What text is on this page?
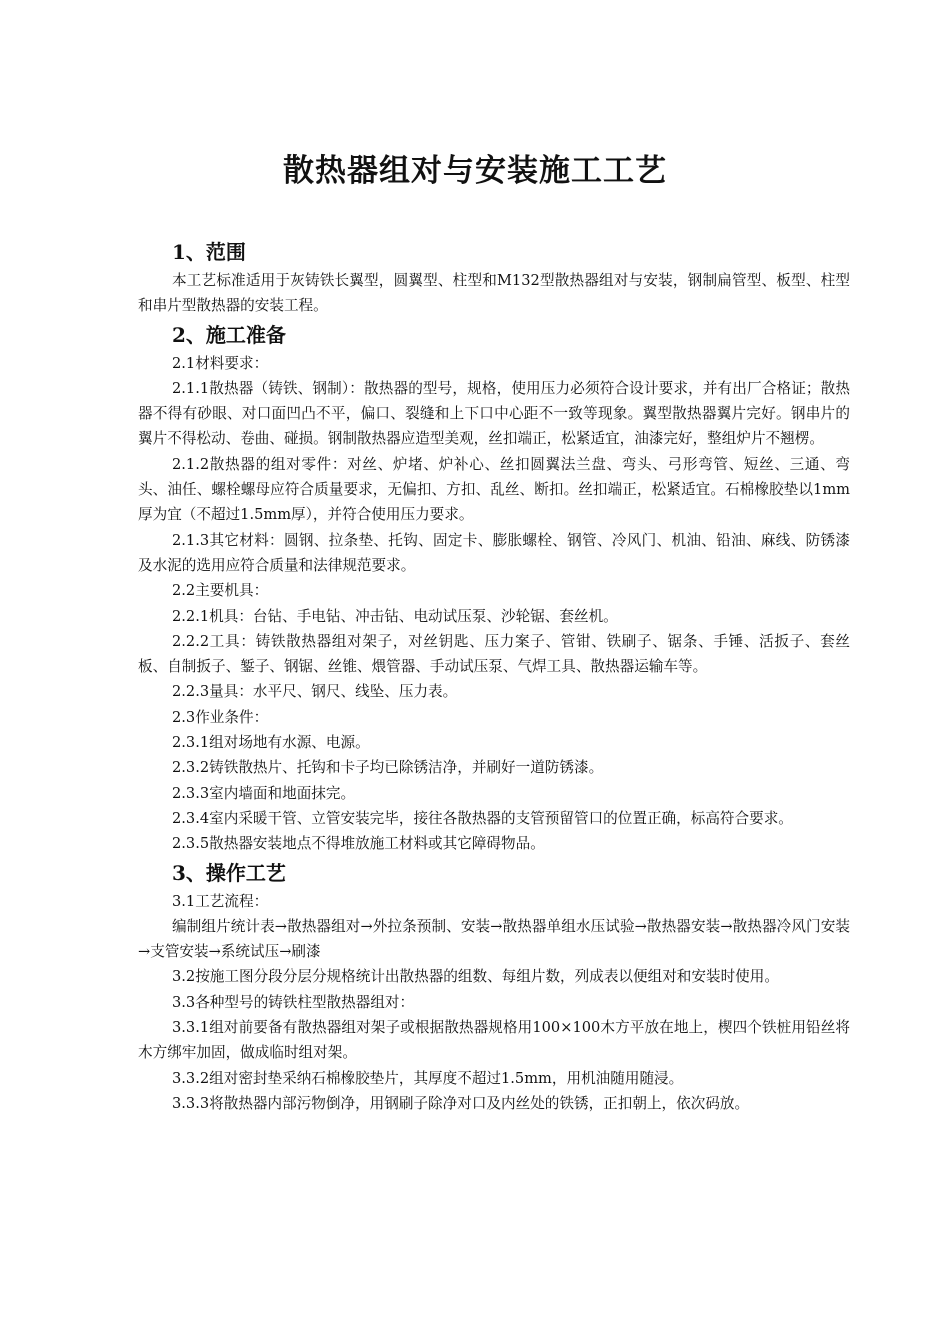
散热器组对与安装施工工艺
1、范围

本工艺标准适用于灰铸铁长翼型，圆翼型、柱型和M132型散热器组对与安装，钢制扁管型、板型、柱型和串片型散热器的安装工程。

2、施工准备

2.1材料要求：

2.1.1散热器（铸铁、钢制）：散热器的型号，规格，使用压力必须符合设计要求，并有出厂合格证；散热器不得有砂眼、对口面凹凸不平，偏口、裂缝和上下口中心距不一致等现象。翼型散热器翼片完好。钢串片的翼片不得松动、卷曲、碰损。钢制散热器应造型美观，丝扣端正，松紧适宜，油漆完好，整组炉片不翘楞。

2.1.2散热器的组对零件：对丝、炉堵、炉补心、丝扣圆翼法兰盘、弯头、弓形弯管、短丝、三通、弯头、油任、螺栓螺母应符合质量要求，无偏扣、方扣、乱丝、断扣。丝扣端正，松紧适宜。石棉橡胶垫以1mm厚为宜（不超过1.5mm厚），并符合使用压力要求。

2.1.3其它材料：圆钢、拉条垫、托钩、固定卡、膨胀螺栓、钢管、冷风门、机油、铅油、麻线、防锈漆及水泥的选用应符合质量和法律规范要求。

2.2主要机具：

2.2.1机具：台钻、手电钻、冲击钻、电动试压泵、沙轮锯、套丝机。

2.2.2工具：铸铁散热器组对架子，对丝钥匙、压力案子、管钳、铁刷子、锯条、手锤、活扳子、套丝板、自制扳子、錾子、钢锯、丝锥、煨管器、手动试压泵、气焊工具、散热器运输车等。

2.2.3量具：水平尺、钢尺、线坠、压力表。

2.3作业条件：

2.3.1组对场地有水源、电源。

2.3.2铸铁散热片、托钩和卡子均已除锈洁净，并刷好一道防锈漆。

2.3.3室内墙面和地面抹完。

2.3.4室内采暖干管、立管安装完毕，接往各散热器的支管预留管口的位置正确，标高符合要求。

2.3.5散热器安装地点不得堆放施工材料或其它障碍物品。

3、操作工艺

3.1工艺流程：

编制组片统计表→散热器组对→外拉条预制、安装→散热器单组水压试验→散热器安装→散热器冷风门安装→支管安装→系统试压→刷漆

3.2按施工图分段分层分规格统计出散热器的组数、每组片数，列成表以便组对和安装时使用。

3.3各种型号的铸铁柱型散热器组对：

3.3.1组对前要备有散热器组对架子或根据散热器规格用100×100木方平放在地上，楔四个铁桩用铅丝将木方绑牢加固，做成临时组对架。

3.3.2组对密封垫采纳石棉橡胶垫片，其厚度不超过1.5mm，用机油随用随浸。

3.3.3将散热器内部污物倒净，用钢刷子除净对口及内丝处的铁锈，正扣朝上，依次码放。
